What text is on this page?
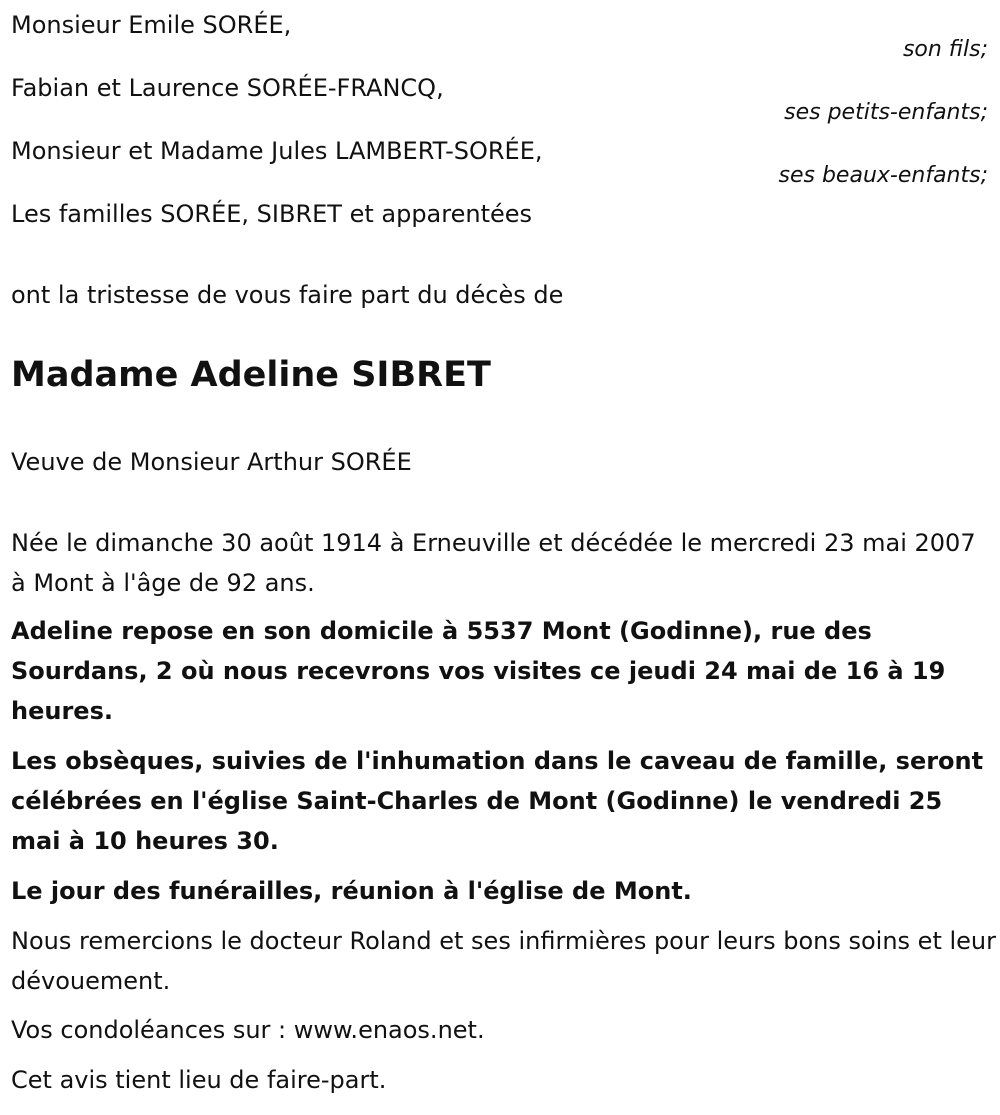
Monsieur Emile SORÉE,
son fils;
Fabian et Laurence SORÉE-FRANCQ,
ses petits-enfants;
Monsieur et Madame Jules LAMBERT-SORÉE,
ses beaux-enfants;
Les familles SORÉE, SIBRET et apparentées
ont la tristesse de vous faire part du décès de
Madame Adeline SIBRET
Veuve de Monsieur Arthur SORÉE

Née le dimanche 30 août 1914 à Erneuville et décédée le mercredi 23 mai 2007 à Mont à l'âge de 92 ans.

Adeline repose en son domicile à 5537 Mont (Godinne), rue des Sourdans, 2 où nous recevrons vos visites ce jeudi 24 mai de 16 à 19 heures.

Les obsèques, suivies de l'inhumation dans le caveau de famille, seront célébrées en l'église Saint-Charles de Mont (Godinne) le vendredi 25 mai à 10 heures 30.

Le jour des funérailles, réunion à l'église de Mont.

Nous remercions le docteur Roland et ses infirmières pour leurs bons soins et leur dévouement.

Vos condoléances sur : www.enaos.net.

Cet avis tient lieu de faire-part.
